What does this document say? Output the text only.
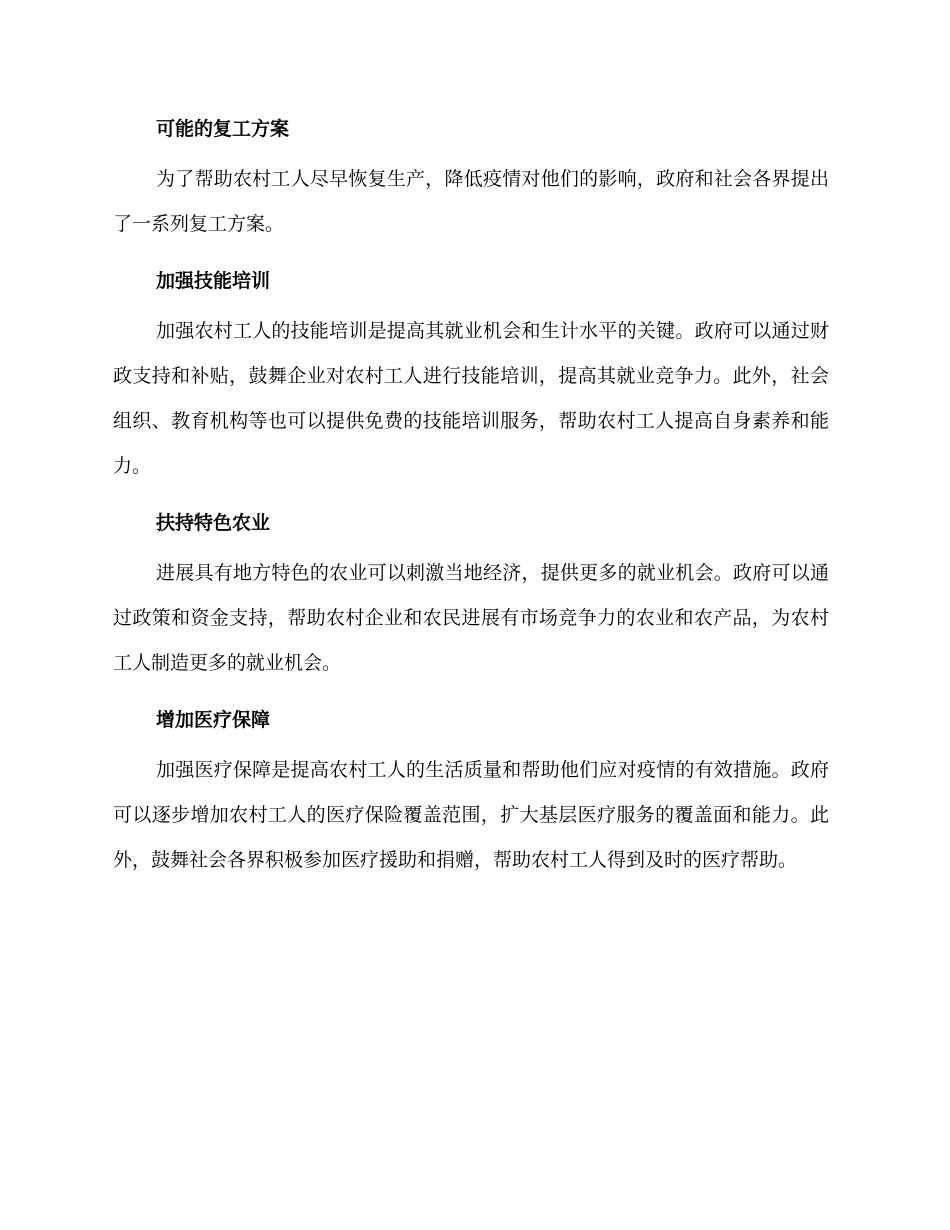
可能的复工方案

为了帮助农村工人尽早恢复生产，降低疫情对他们的影响，政府和社会各界提出了一系列复工方案。

加强技能培训

加强农村工人的技能培训是提高其就业机会和生计水平的关键。政府可以通过财政支持和补贴，鼓舞企业对农村工人进行技能培训，提高其就业竞争力。此外，社会组织、教育机构等也可以提供免费的技能培训服务，帮助农村工人提高自身素养和能力。

扶持特色农业

进展具有地方特色的农业可以刺激当地经济，提供更多的就业机会。政府可以通过政策和资金支持，帮助农村企业和农民进展有市场竞争力的农业和农产品，为农村工人制造更多的就业机会。

增加医疗保障

加强医疗保障是提高农村工人的生活质量和帮助他们应对疫情的有效措施。政府可以逐步增加农村工人的医疗保险覆盖范围，扩大基层医疗服务的覆盖面和能力。此外，鼓舞社会各界积极参加医疗援助和捐赠，帮助农村工人得到及时的医疗帮助。
